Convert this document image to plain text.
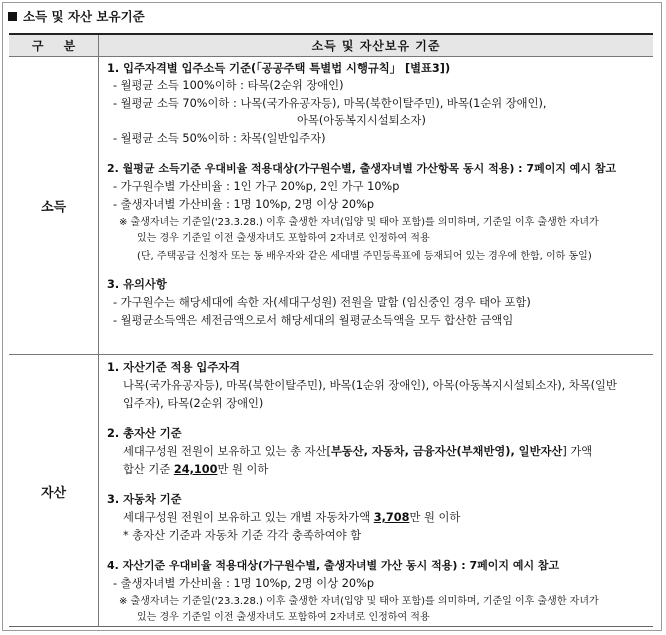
소득 및 자산 보유기준
구 분	소득 및 자산보유 기준
소득
1. 입주자격별 입주소득 기준(「공공주택 특별법 시행규칙」 [별표3])
- 월평균 소득 100%이하 : 타목(2순위 장애인)
- 월평균 소득 70%이하 : 나목(국가유공자등), 마목(북한이탈주민), 바목(1순위 장애인),
아목(아동복지시설퇴소자)
- 월평균 소득 50%이하 : 차목(일반입주자)
2. 월평균 소득기준 우대비율 적용대상(가구원수별, 출생자녀별 가산항목 동시 적용) : 7페이지 예시 참고
- 가구원수별 가산비율 : 1인 가구 20%p, 2인 가구 10%p
- 출생자녀별 가산비율 : 1명 10%p, 2명 이상 20%p
※ 출생자녀는 기준일('23.3.28.) 이후 출생한 자녀(입양 및 태아 포함)를 의미하며, 기준일 이후 출생한 자녀가
있는 경우 기준일 이전 출생자녀도 포함하여 2자녀로 인정하여 적용
(단, 주택공급 신청자 또는 동 배우자와 같은 세대별 주민등록표에 등재되어 있는 경우에 한함, 이하 동일)
3. 유의사항
- 가구원수는 해당세대에 속한 자(세대구성원) 전원을 말함 (임신중인 경우 태아 포함)
- 월평균소득액은 세전금액으로서 해당세대의 월평균소득액을 모두 합산한 금액임
자산
1. 자산기준 적용 입주자격
나목(국가유공자등), 마목(북한이탈주민), 바목(1순위 장애인), 아목(아동복지시설퇴소자), 차목(일반
입주자), 타목(2순위 장애인)
2. 총자산 기준
세대구성원 전원이 보유하고 있는 총 자산[부동산, 자동차, 금융자산(부채반영), 일반자산] 가액
합산 기준 24,100만 원 이하
3. 자동차 기준
세대구성원 전원이 보유하고 있는 개별 자동차가액 3,708만 원 이하
* 총자산 기준과 자동차 기준 각각 충족하여야 함
4. 자산기준 우대비율 적용대상(가구원수별, 출생자녀별 가산 동시 적용) : 7페이지 예시 참고
- 출생자녀별 가산비율 : 1명 10%p, 2명 이상 20%p
※ 출생자녀는 기준일('23.3.28.) 이후 출생한 자녀(입양 및 태아 포함)를 의미하며, 기준일 이후 출생한 자녀가
있는 경우 기준일 이전 출생자녀도 포함하여 2자녀로 인정하여 적용
